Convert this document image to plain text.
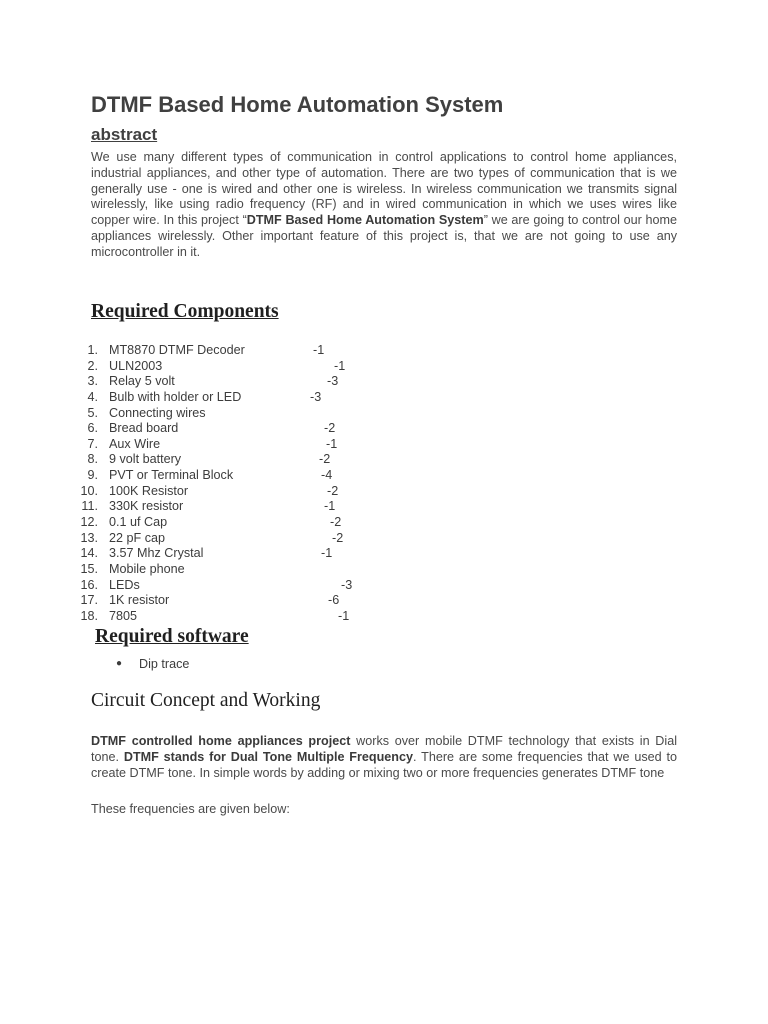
DTMF Based Home Automation System
abstract

We use many different types of communication in control applications to control home appliances, industrial appliances, and other type of automation. There are two types of communication that is we generally use - one is wired and other one is wireless. In wireless communication we transmits signal wirelessly, like using radio frequency (RF) and in wired communication in which we uses wires like copper wire. In this project “DTMF Based Home Automation System” we are going to control our home appliances wirelessly. Other important feature of this project is, that we are not going to use any microcontroller in it.

Required Components
1. MT8870 DTMF Decoder	-1
2. ULN2003	-1
3. Relay 5 volt	-3
4. Bulb with holder or LED	-3
5. Connecting wires
6. Bread board	-2
7. Aux Wire	-1
8. 9 volt battery	-2
9. PVT or Terminal Block	-4
10. 100K Resistor	-2
11. 330K resistor	-1
12. 0.1 uf Cap	-2
13. 22 pF cap	-2
14. 3.57 Mhz Crystal	-1
15. Mobile phone
16. LEDs	-3
17. 1K resistor	-6
18. 7805	-1
Required software
● Dip trace
Circuit Concept and Working

DTMF controlled home appliances project works over mobile DTMF technology that exists in Dial tone. DTMF stands for Dual Tone Multiple Frequency. There are some frequencies that we used to create DTMF tone. In simple words by adding or mixing two or more frequencies generates DTMF tone

These frequencies are given below:
